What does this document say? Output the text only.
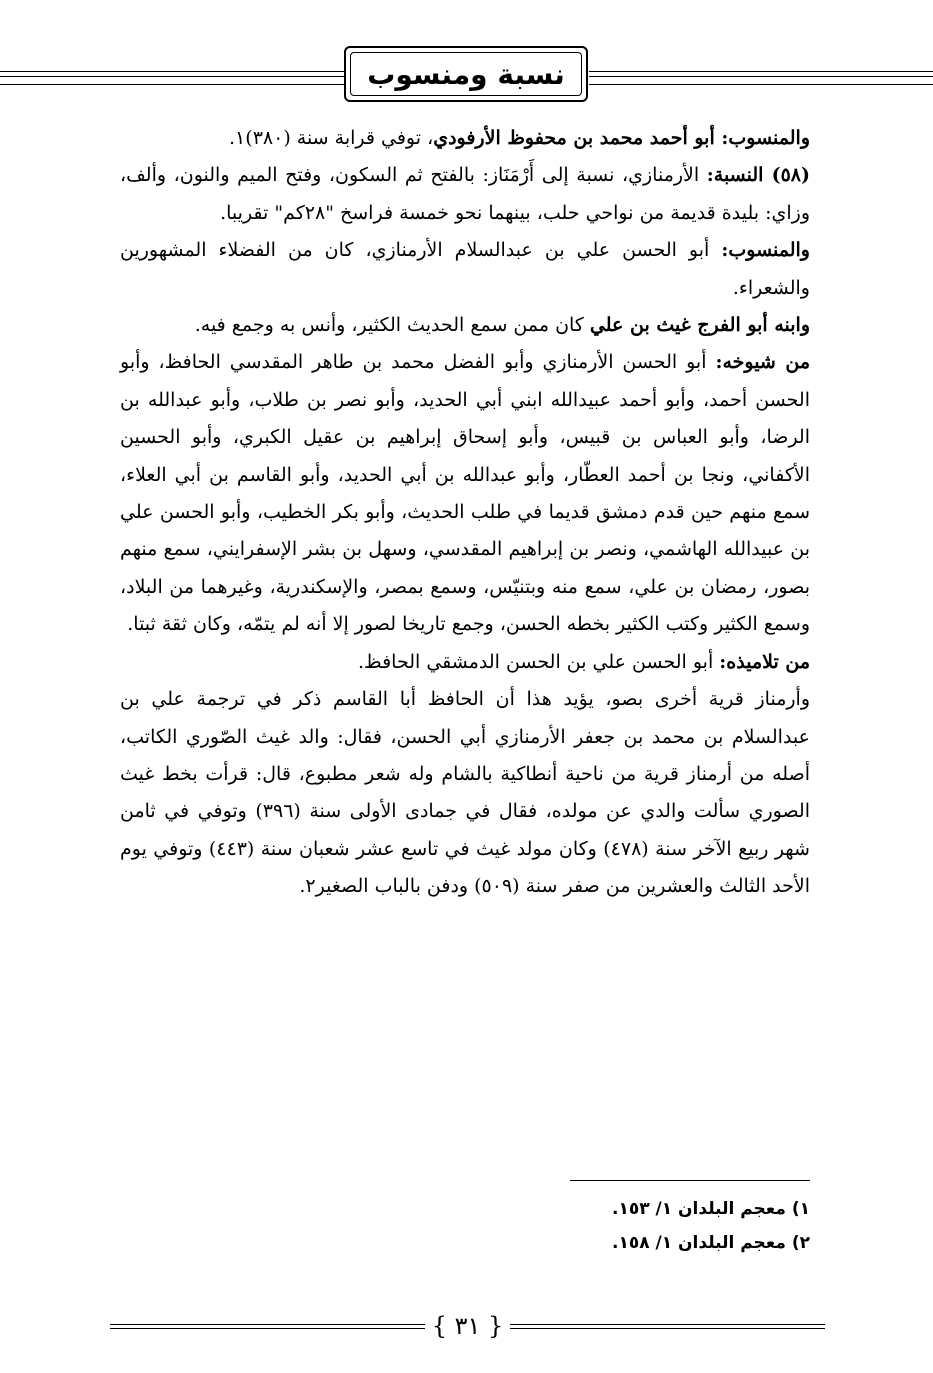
نسبة ومنسوب

والمنسوب: أبو أحمد محمد بن محفوظ الأرفودي، توفي قرابة سنة (٣٨٠)١.

(٥٨) النسبة: الأرمنازي، نسبة إلى أَرْمَنَاز: بالفتح ثم السكون، وفتح الميم والنون، وألف، وزاي: بليدة قديمة من نواحي حلب، بينهما نحو خمسة فراسخ "٢٨كم" تقريبا.

والمنسوب: أبو الحسن علي بن عبدالسلام الأرمنازي، كان من الفضلاء المشهورين والشعراء.

وابنه أبو الفرج غيث بن علي كان ممن سمع الحديث الكثير، وأنس به وجمع فيه.

من شيوخه: أبو الحسن الأرمنازي وأبو الفضل محمد بن طاهر المقدسي الحافظ، وأبو الحسن أحمد، وأبو أحمد عبيدالله ابني أبي الحديد، وأبو نصر بن طلاب، وأبو عبدالله بن الرضا، وأبو العباس بن قبيس، وأبو إسحاق إبراهيم بن عقيل الكبري، وأبو الحسين الأكفاني، ونجا بن أحمد العطّار، وأبو عبدالله بن أبي الحديد، وأبو القاسم بن أبي العلاء، سمع منهم حين قدم دمشق قديما في طلب الحديث، وأبو بكر الخطيب، وأبو الحسن علي بن عبيدالله الهاشمي، ونصر بن إبراهيم المقدسي، وسهل بن بشر الإسفرايني، سمع منهم بصور، رمضان بن علي، سمع منه وبتنيّس، وسمع بمصر، والإسكندرية، وغيرهما من البلاد، وسمع الكثير وكتب الكثير بخطه الحسن، وجمع تاريخا لصور إلا أنه لم يتمّه، وكان ثقة ثبتا.

من تلاميذه: أبو الحسن علي بن الحسن الدمشقي الحافظ.

وأرمناز قرية أخرى بصو، يؤيد هذا أن الحافظ أبا القاسم ذكر في ترجمة علي بن عبدالسلام بن محمد بن جعفر الأرمنازي أبي الحسن، فقال: والد غيث الصّوري الكاتب، أصله من أرمناز قرية من ناحية أنطاكية بالشام وله شعر مطبوع، قال: قرأت بخط غيث الصوري سألت والدي عن مولده، فقال في جمادى الأولى سنة (٣٩٦) وتوفي في ثامن شهر ربيع الآخر سنة (٤٧٨) وكان مولد غيث في تاسع عشر شعبان سنة (٤٤٣) وتوفي يوم الأحد الثالث والعشرين من صفر سنة (٥٠٩) ودفن بالباب الصغير٢.

١) معجم البلدان ١/ ١٥٣.

٢) معجم البلدان ١/ ١٥٨.

{ ٣١ }
